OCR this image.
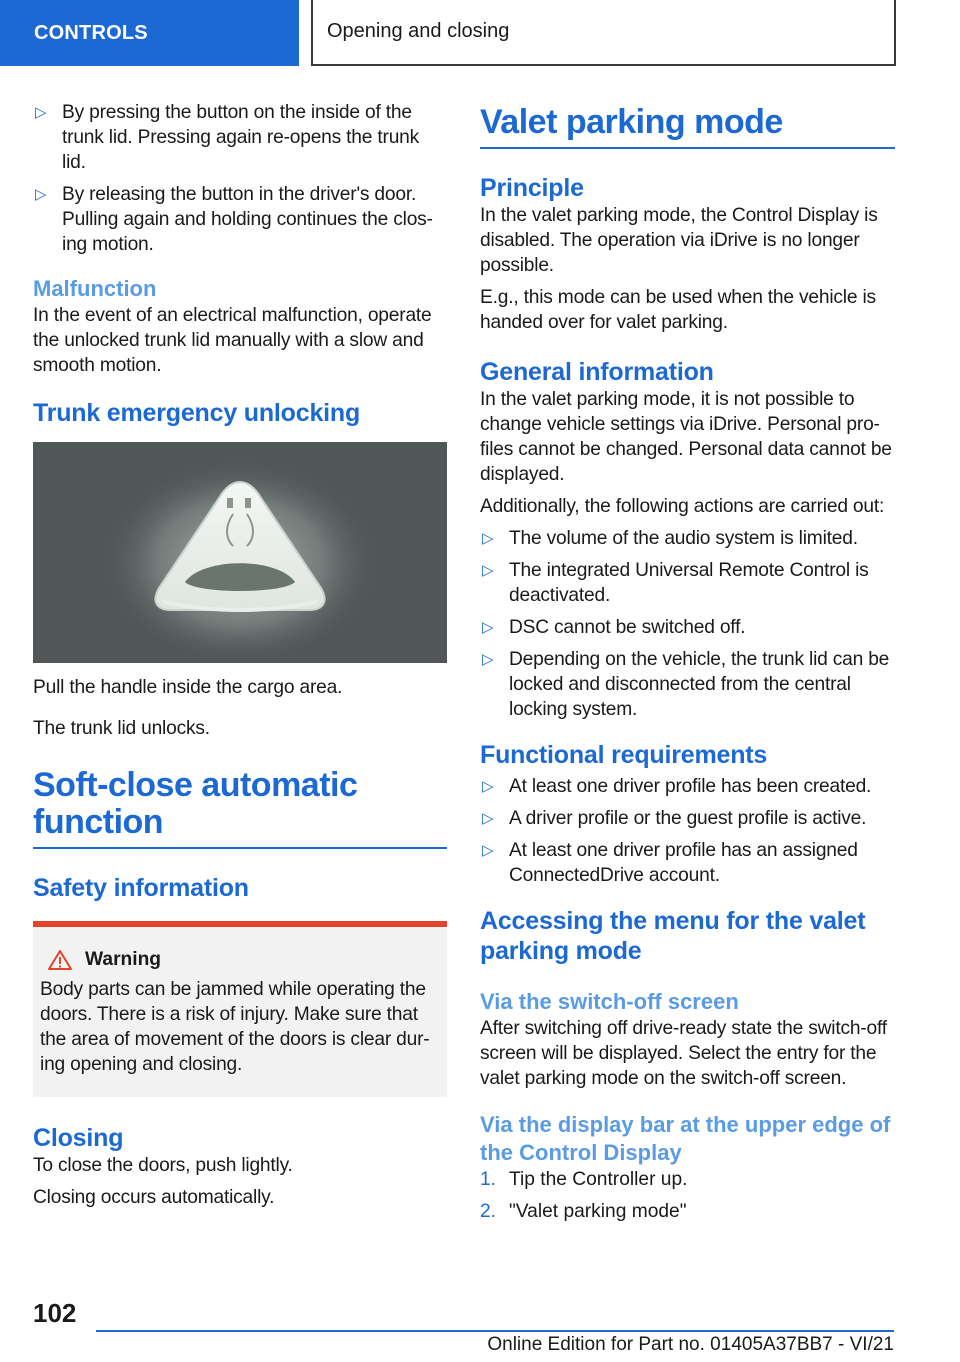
CONTROLS	Opening and closing
▷ By pressing the button on the inside of the trunk lid. Pressing again re-opens the trunk lid.
▷ By releasing the button in the driver's door. Pulling again and holding continues the clos-ing motion.
Malfunction

In the event of an electrical malfunction, operate the unlocked trunk lid manually with a slow and smooth motion.

Trunk emergency unlocking

Pull the handle inside the cargo area.

The trunk lid unlocks.

Soft-close automatic function
Safety information
Warning

Body parts can be jammed while operating the doors. There is a risk of injury. Make sure that the area of movement of the doors is clear dur-ing opening and closing.

Closing

To close the doors, push lightly.

Closing occurs automatically.

Valet parking mode
Principle

In the valet parking mode, the Control Display is disabled. The operation via iDrive is no longer possible.

E.g., this mode can be used when the vehicle is handed over for valet parking.

General information

In the valet parking mode, it is not possible to change vehicle settings via iDrive. Personal pro-files cannot be changed. Personal data cannot be displayed.

Additionally, the following actions are carried out:

▷ The volume of the audio system is limited.
▷ The integrated Universal Remote Control is deactivated.
▷ DSC cannot be switched off.
▷ Depending on the vehicle, the trunk lid can be locked and disconnected from the central locking system.
Functional requirements
▷ At least one driver profile has been created.
▷ A driver profile or the guest profile is active.
▷ At least one driver profile has an assigned ConnectedDrive account.
Accessing the menu for the valet parking mode
Via the switch-off screen

After switching off drive-ready state the switch-off screen will be displayed. Select the entry for the valet parking mode on the switch-off screen.

Via the display bar at the upper edge of the Control Display
1. Tip the Controller up.
2. "Valet parking mode"
102
Online Edition for Part no. 01405A37BB7 - VI/21
